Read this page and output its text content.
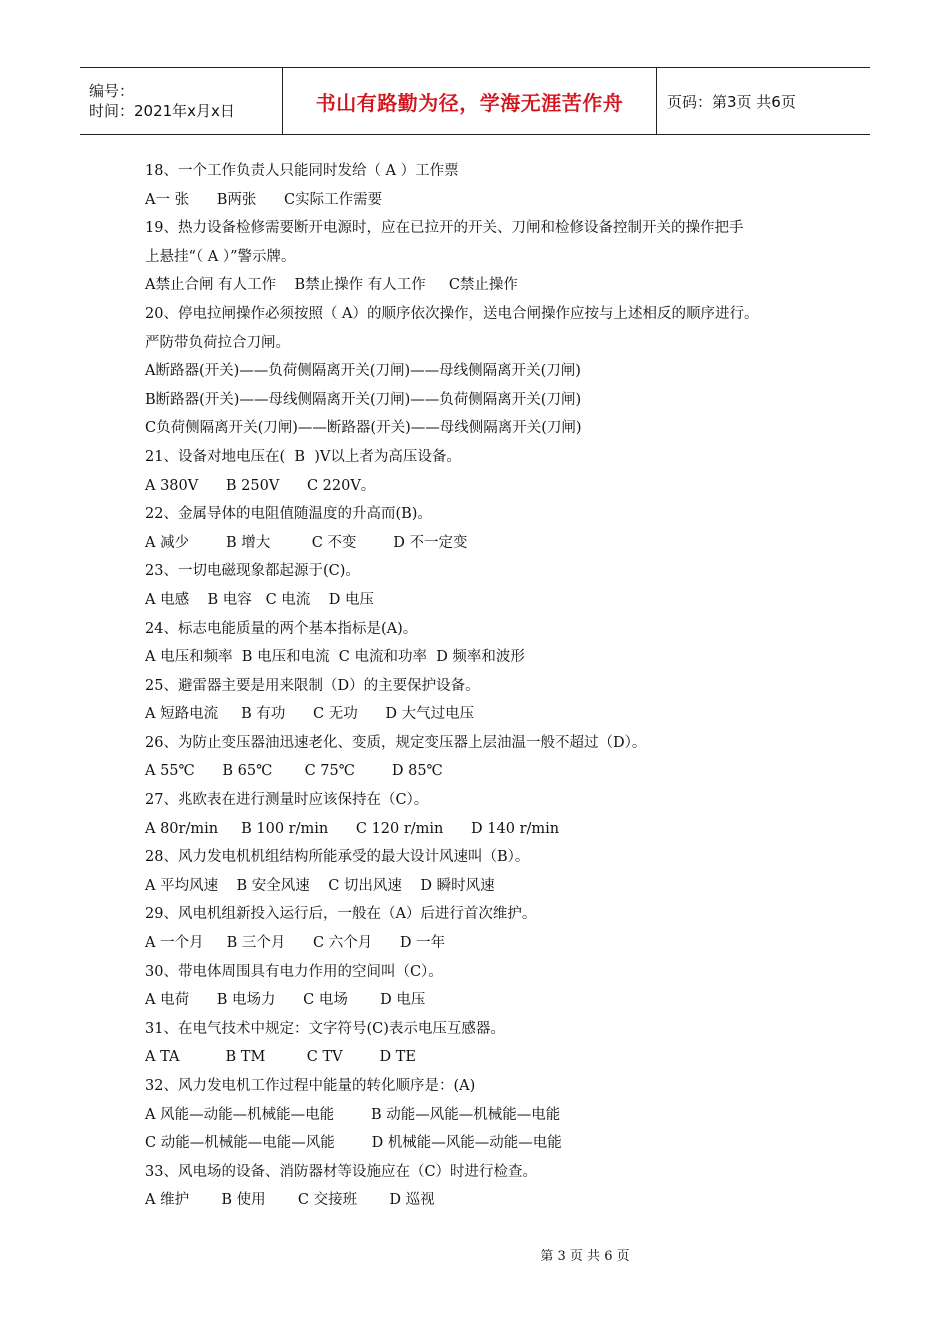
编号：
时间：2021年x月x日	书山有路勤为径，学海无涯苦作舟	页码：第3页 共6页
18、一个工作负责人只能同时发给（ A ）工作票
A一 张      B两张      C实际工作需要
19、热力设备检修需要断开电源时，应在已拉开的开关、刀闸和检修设备控制开关的操作把手
上悬挂“（ A ）”警示牌。
A禁止合闸 有人工作    B禁止操作 有人工作     C禁止操作
20、停电拉闸操作必须按照（ A）的顺序依次操作，送电合闸操作应按与上述相反的顺序进行。
严防带负荷拉合刀闸。
A断路器(开关)——负荷侧隔离开关(刀闸)——母线侧隔离开关(刀闸)
B断路器(开关)——母线侧隔离开关(刀闸)——负荷侧隔离开关(刀闸)
C负荷侧隔离开关(刀闸)——断路器(开关)——母线侧隔离开关(刀闸)
21、设备对地电压在(  B  )V以上者为高压设备。
A 380V      B 250V      C 220V。
22、金属导体的电阻值随温度的升高而(B)。
A 减少        B 增大         C 不变        D 不一定变
23、一切电磁现象都起源于(C)。
A 电感    B 电容   C 电流    D 电压
24、标志电能质量的两个基本指标是(A)。
A 电压和频率  B 电压和电流  C 电流和功率  D 频率和波形
25、避雷器主要是用来限制（D）的主要保护设备。
A 短路电流     B 有功      C 无功      D 大气过电压
26、为防止变压器油迅速老化、变质，规定变压器上层油温一般不超过（D）。
A 55℃      B 65℃       C 75℃        D 85℃
27、兆欧表在进行测量时应该保持在（C）。
A 80r/min     B 100 r/min      C 120 r/min      D 140 r/min
28、风力发电机机组结构所能承受的最大设计风速叫（B）。
A 平均风速    B 安全风速    C 切出风速    D 瞬时风速
29、风电机组新投入运行后，一般在（A）后进行首次维护。
A 一个月     B 三个月      C 六个月      D 一年
30、带电体周围具有电力作用的空间叫（C）。
A 电荷      B 电场力      C 电场       D 电压
31、在电气技术中规定：文字符号(C)表示电压互感器。
A TA          B TM         C TV        D TE
32、风力发电机工作过程中能量的转化顺序是：(A)
A 风能—动能—机械能—电能        B 动能—风能—机械能—电能
C 动能—机械能—电能—风能        D 机械能—风能—动能—电能
33、风电场的设备、消防器材等设施应在（C）时进行检查。
A 维护       B 使用       C 交接班       D 巡视
第 3 页 共 6 页
